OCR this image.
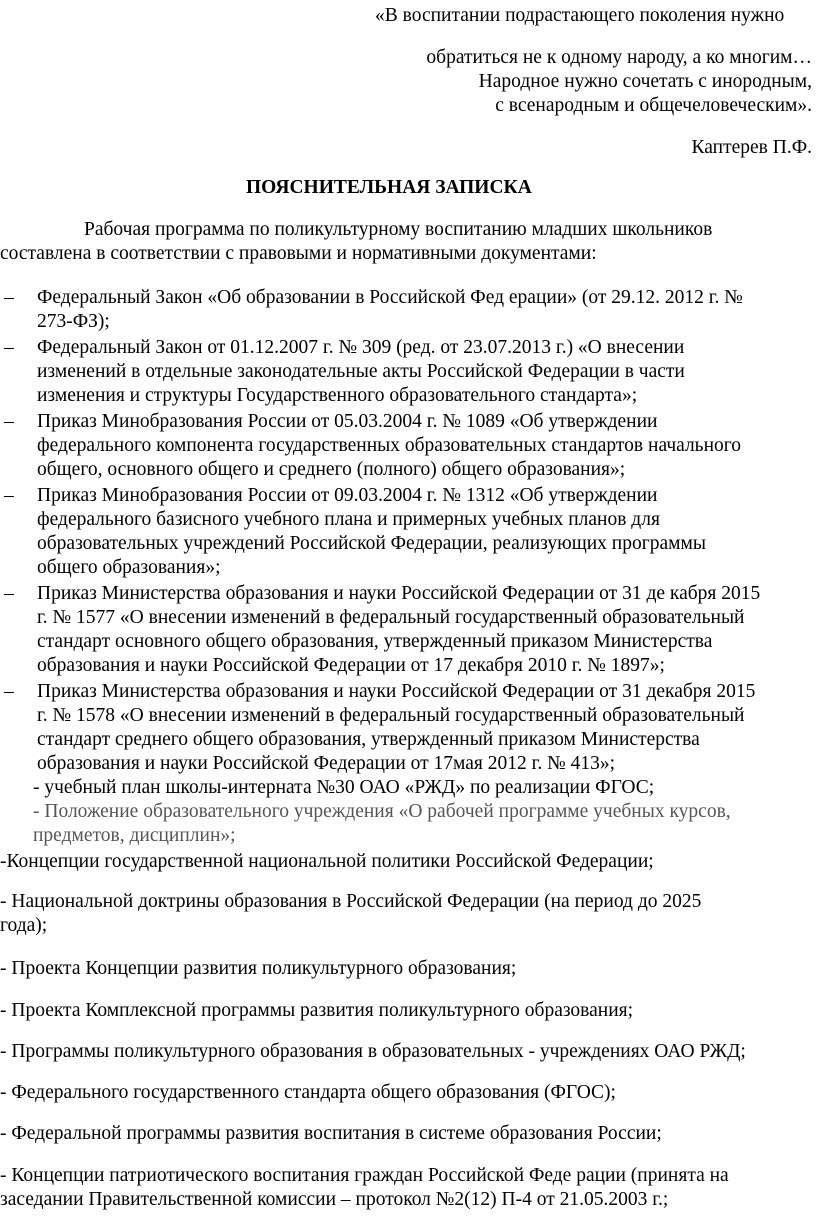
«В воспитании подрастающего поколения нужно
обратиться не к одному народу, а ко многим…
Народное нужно сочетать с инородным,
с всенародным и общечеловеческим».
Каптерев П.Ф.
ПОЯСНИТЕЛЬНАЯ ЗАПИСКА
Рабочая программа по поликультурному воспитанию младших школьников
составлена в соответствии с правовыми и нормативными документами:
– Федеральный Закон «Об образовании в Российской Фед ерации» (от 29.12. 2012 г. №
273-ФЗ);
– Федеральный Закон от 01.12.2007 г. № 309 (ред. от 23.07.2013 г.) «О внесении
изменений в отдельные законодательные акты Российской Федерации в части
изменения и структуры Государственного образовательного стандарта»;
– Приказ Минобразования России от 05.03.2004 г. № 1089 «Об утверждении
федерального компонента государственных образовательных стандартов начального
общего, основного общего и среднего (полного) общего образования»;
– Приказ Минобразования России от 09.03.2004 г. № 1312 «Об утверждении
федерального базисного учебного плана и примерных учебных планов для
образовательных учреждений Российской Федерации, реализующих программы
общего образования»;
– Приказ Министерства образования и науки Российской Федерации от 31 де кабря 2015
г. № 1577 «О внесении изменений в федеральный государственный образовательный
стандарт основного общего образования, утвержденный приказом Министерства
образования и науки Российской Федерации от 17 декабря 2010 г. № 1897»;
– Приказ Министерства образования и науки Российской Федерации от 31 декабря 2015
г. № 1578 «О внесении изменений в федеральный государственный образовательный
стандарт среднего общего образования, утвержденный приказом Министерства
образования и науки Российской Федерации от 17мая 2012 г. № 413»;
- учебный план школы-интерната №30 ОАО «РЖД» по реализации ФГОС;
- Положение образовательного учреждения «О рабочей программе учебных курсов,
предметов, дисциплин»;
-Концепции государственной национальной политики Российской Федерации;
- Национальной доктрины образования в Российской Федерации (на период до 2025
года);
- Проекта Концепции развития поликультурного образования;
- Проекта Комплексной программы развития поликультурного образования;
- Программы поликультурного образования в образовательных - учреждениях ОАО РЖД;
- Федерального государственного стандарта общего образования (ФГОС);
- Федеральной программы развития воспитания в системе образования России;
- Концепции патриотического воспитания граждан Российской Феде рации (принята на
заседании Правительственной комиссии – протокол №2(12) П-4 от 21.05.2003 г.;
